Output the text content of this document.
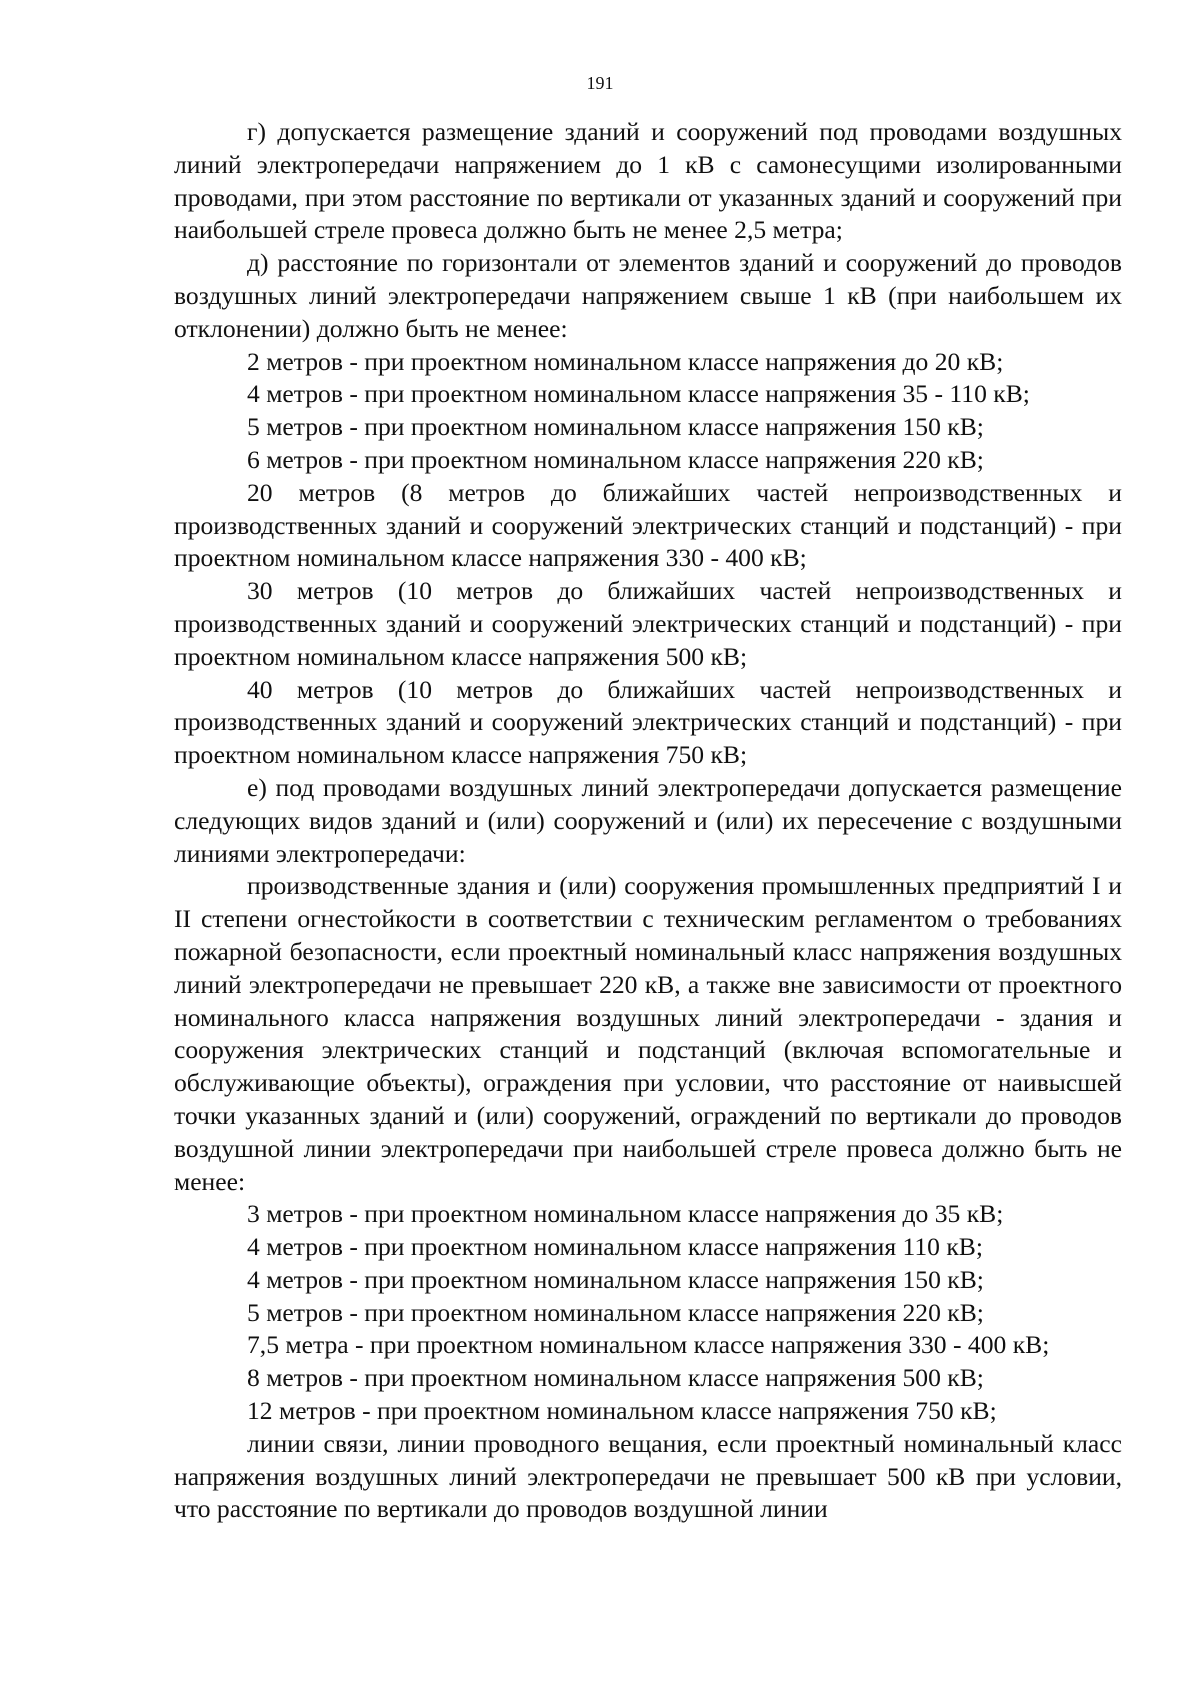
191

г) допускается размещение зданий и сооружений под проводами воздушных линий электропередачи напряжением до 1 кВ с самонесущими изолированными проводами, при этом расстояние по вертикали от указанных зданий и сооружений при наибольшей стреле провеса должно быть не менее 2,5 метра;

д) расстояние по горизонтали от элементов зданий и сооружений до проводов воздушных линий электропередачи напряжением свыше 1 кВ (при наибольшем их отклонении) должно быть не менее:

2 метров - при проектном номинальном классе напряжения до 20 кВ;

4 метров - при проектном номинальном классе напряжения 35 - 110 кВ;

5 метров - при проектном номинальном классе напряжения 150 кВ;

6 метров - при проектном номинальном классе напряжения 220 кВ;

20 метров (8 метров до ближайших частей непроизводственных и производственных зданий и сооружений электрических станций и подстанций) - при проектном номинальном классе напряжения 330 - 400 кВ;

30 метров (10 метров до ближайших частей непроизводственных и производственных зданий и сооружений электрических станций и подстанций) - при проектном номинальном классе напряжения 500 кВ;

40 метров (10 метров до ближайших частей непроизводственных и производственных зданий и сооружений электрических станций и подстанций) - при проектном номинальном классе напряжения 750 кВ;

е) под проводами воздушных линий электропередачи допускается размещение следующих видов зданий и (или) сооружений и (или) их пересечение с воздушными линиями электропередачи:

производственные здания и (или) сооружения промышленных предприятий I и II степени огнестойкости в соответствии с техническим регламентом о требованиях пожарной безопасности, если проектный номинальный класс напряжения воздушных линий электропередачи не превышает 220 кВ, а также вне зависимости от проектного номинального класса напряжения воздушных линий электропередачи - здания и сооружения электрических станций и подстанций (включая вспомогательные и обслуживающие объекты), ограждения при условии, что расстояние от наивысшей точки указанных зданий и (или) сооружений, ограждений по вертикали до проводов воздушной линии электропередачи при наибольшей стреле провеса должно быть не менее:

3 метров - при проектном номинальном классе напряжения до 35 кВ;

4 метров - при проектном номинальном классе напряжения 110 кВ;

4 метров - при проектном номинальном классе напряжения 150 кВ;

5 метров - при проектном номинальном классе напряжения 220 кВ;

7,5 метра - при проектном номинальном классе напряжения 330 - 400 кВ;

8 метров - при проектном номинальном классе напряжения 500 кВ;

12 метров - при проектном номинальном классе напряжения 750 кВ;

линии связи, линии проводного вещания, если проектный номинальный класс напряжения воздушных линий электропередачи не превышает 500 кВ при условии, что расстояние по вертикали до проводов воздушной линии
